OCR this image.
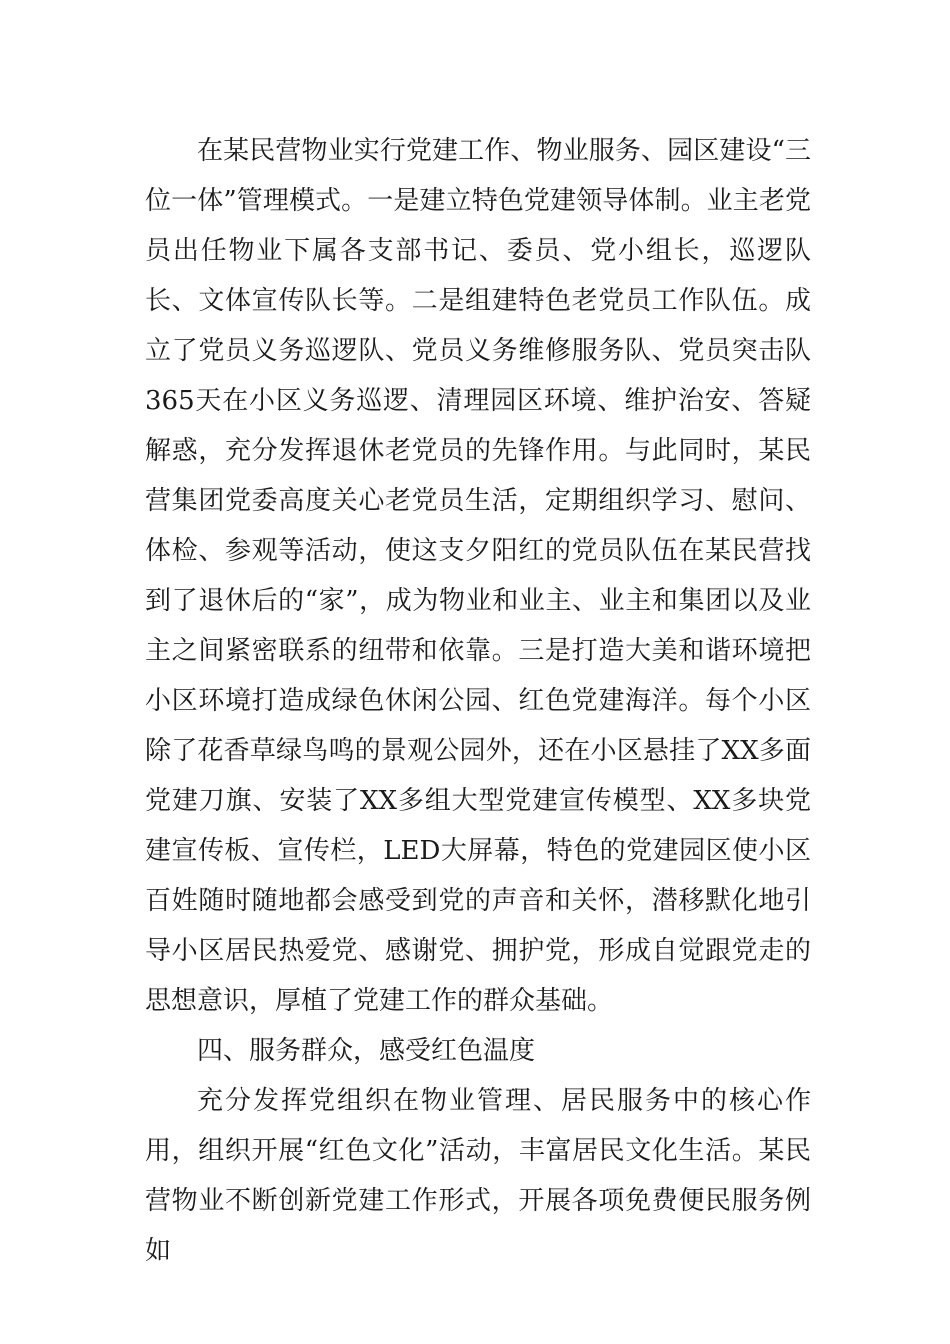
在某民营物业实行党建工作、物业服务、园区建设“三位一体”管理模式。一是建立特色党建领导体制。业主老党员出任物业下属各支部书记、委员、党小组长，巡逻队长、文体宣传队长等。二是组建特色老党员工作队伍。成立了党员义务巡逻队、党员义务维修服务队、党员突击队365天在小区义务巡逻、清理园区环境、维护治安、答疑解惑，充分发挥退休老党员的先锋作用。与此同时，某民营集团党委高度关心老党员生活，定期组织学习、慰问、体检、参观等活动，使这支夕阳红的党员队伍在某民营找到了退休后的“家”，成为物业和业主、业主和集团以及业主之间紧密联系的纽带和依靠。三是打造大美和谐环境把小区环境打造成绿色休闲公园、红色党建海洋。每个小区除了花香草绿鸟鸣的景观公园外，还在小区悬挂了XX多面党建刀旗、安装了XX多组大型党建宣传模型、XX多块党建宣传板、宣传栏，LED大屏幕，特色的党建园区使小区百姓随时随地都会感受到党的声音和关怀，潜移默化地引导小区居民热爱党、感谢党、拥护党，形成自觉跟党走的思想意识，厚植了党建工作的群众基础。

四、服务群众，感受红色温度

充分发挥党组织在物业管理、居民服务中的核心作用，组织开展“红色文化”活动，丰富居民文化生活。某民营物业不断创新党建工作形式，开展各项免费便民服务例如
